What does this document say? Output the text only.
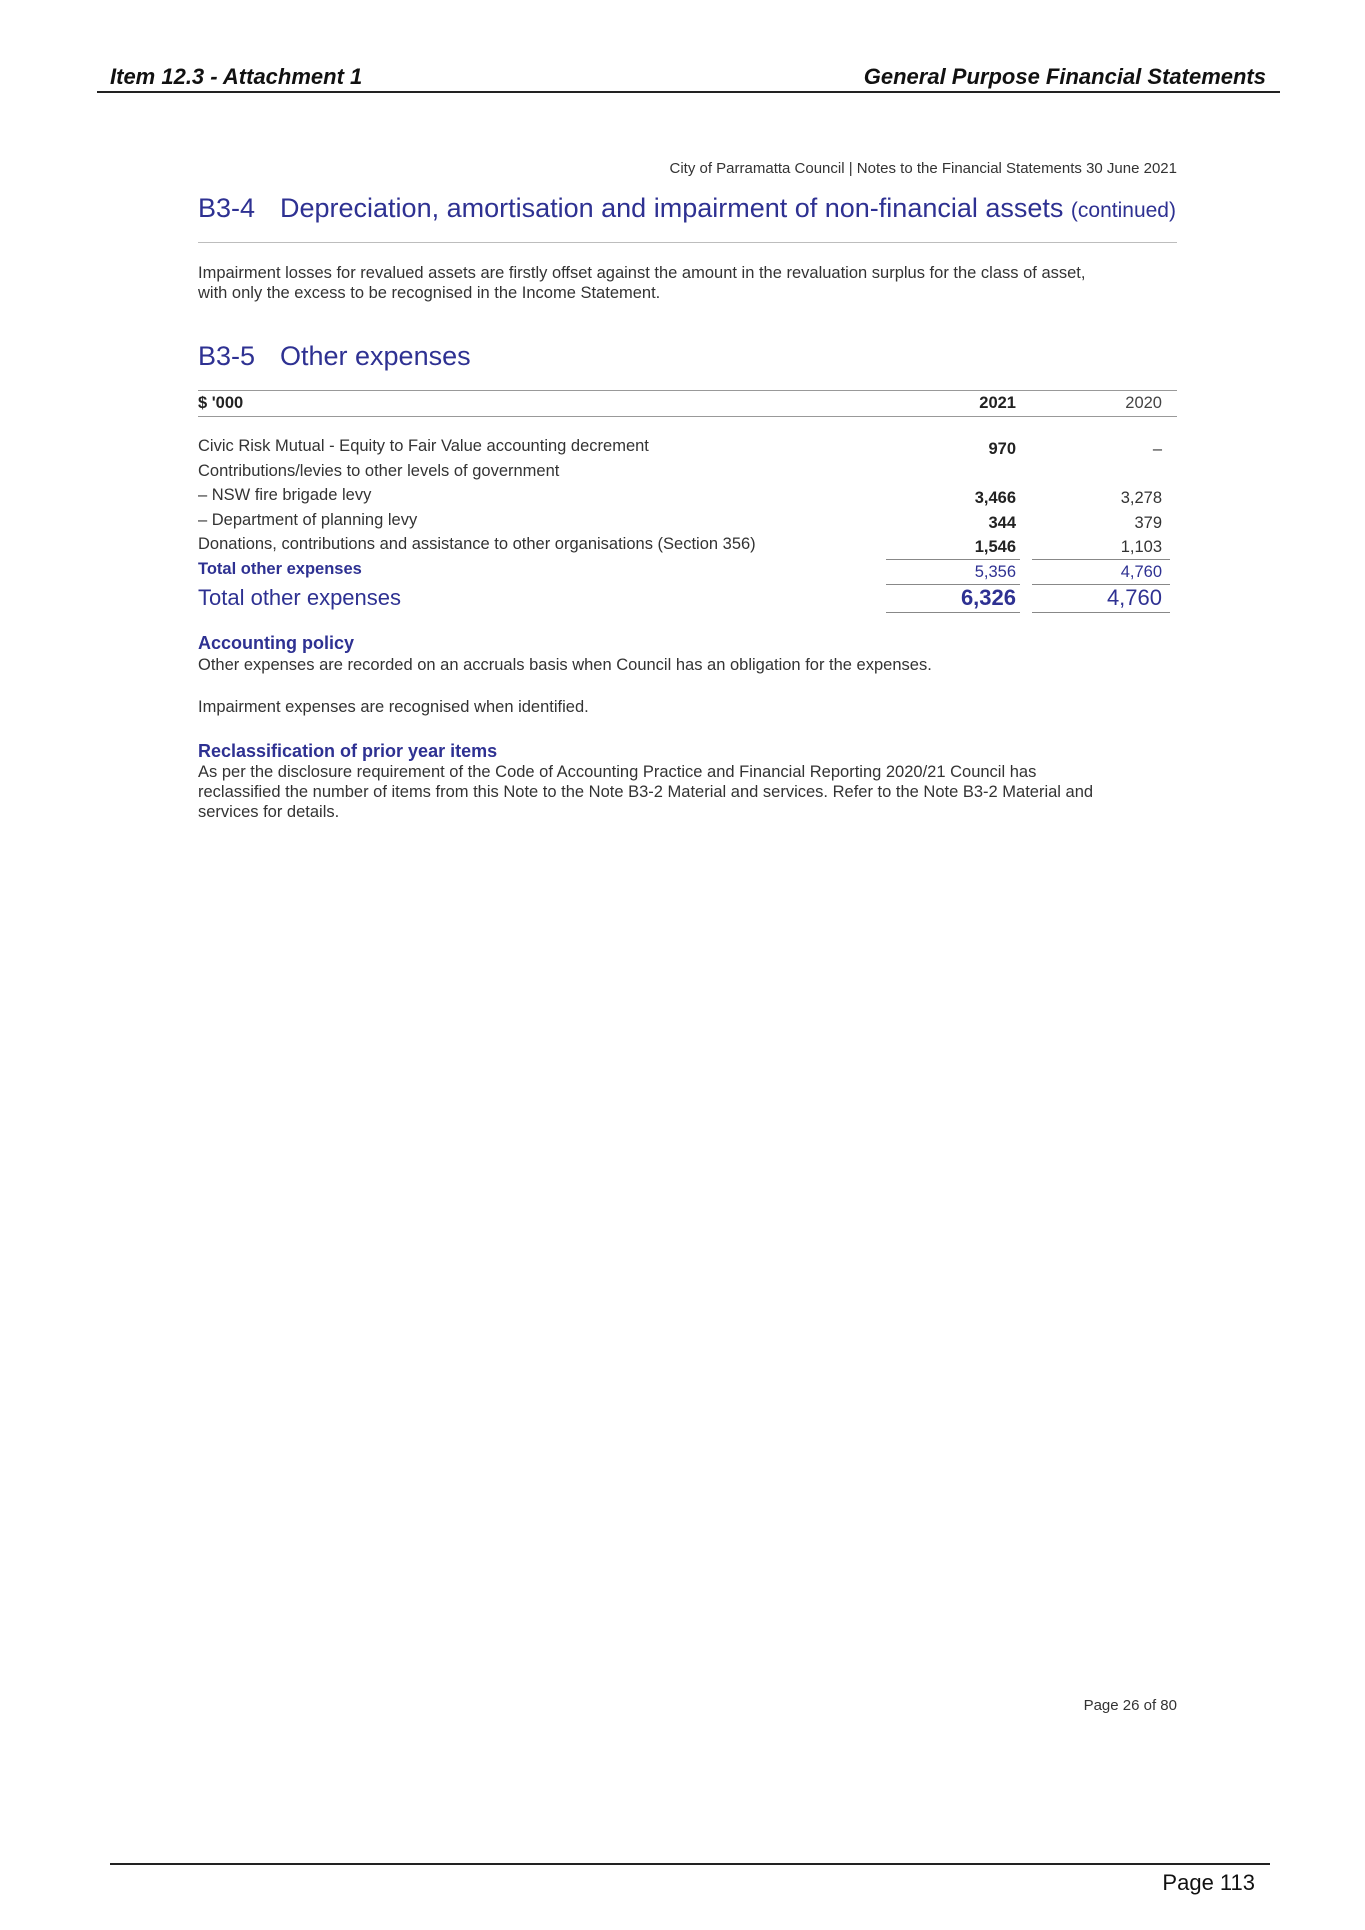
Item 12.3 - Attachment 1	General Purpose Financial Statements
City of Parramatta Council | Notes to the Financial Statements 30 June 2021
B3-4 Depreciation, amortisation and impairment of non-financial assets (continued)
Impairment losses for revalued assets are firstly offset against the amount in the revaluation surplus for the class of asset,
with only the excess to be recognised in the Income Statement.
B3-5 Other expenses
$ '000	2021	2020
Civic Risk Mutual - Equity to Fair Value accounting decrement	970	–
Contributions/levies to other levels of government
– NSW fire brigade levy	3,466	3,278
– Department of planning levy	344	379
Donations, contributions and assistance to other organisations (Section 356)	1,546	1,103
Total other expenses	5,356	4,760
Total other expenses	6,326	4,760
Accounting policy
Other expenses are recorded on an accruals basis when Council has an obligation for the expenses.
Impairment expenses are recognised when identified.
Reclassification of prior year items
As per the disclosure requirement of the Code of Accounting Practice and Financial Reporting 2020/21 Council has
reclassified the number of items from this Note to the Note B3-2 Material and services. Refer to the Note B3-2 Material and
services for details.
Page 26 of 80
Page 113
